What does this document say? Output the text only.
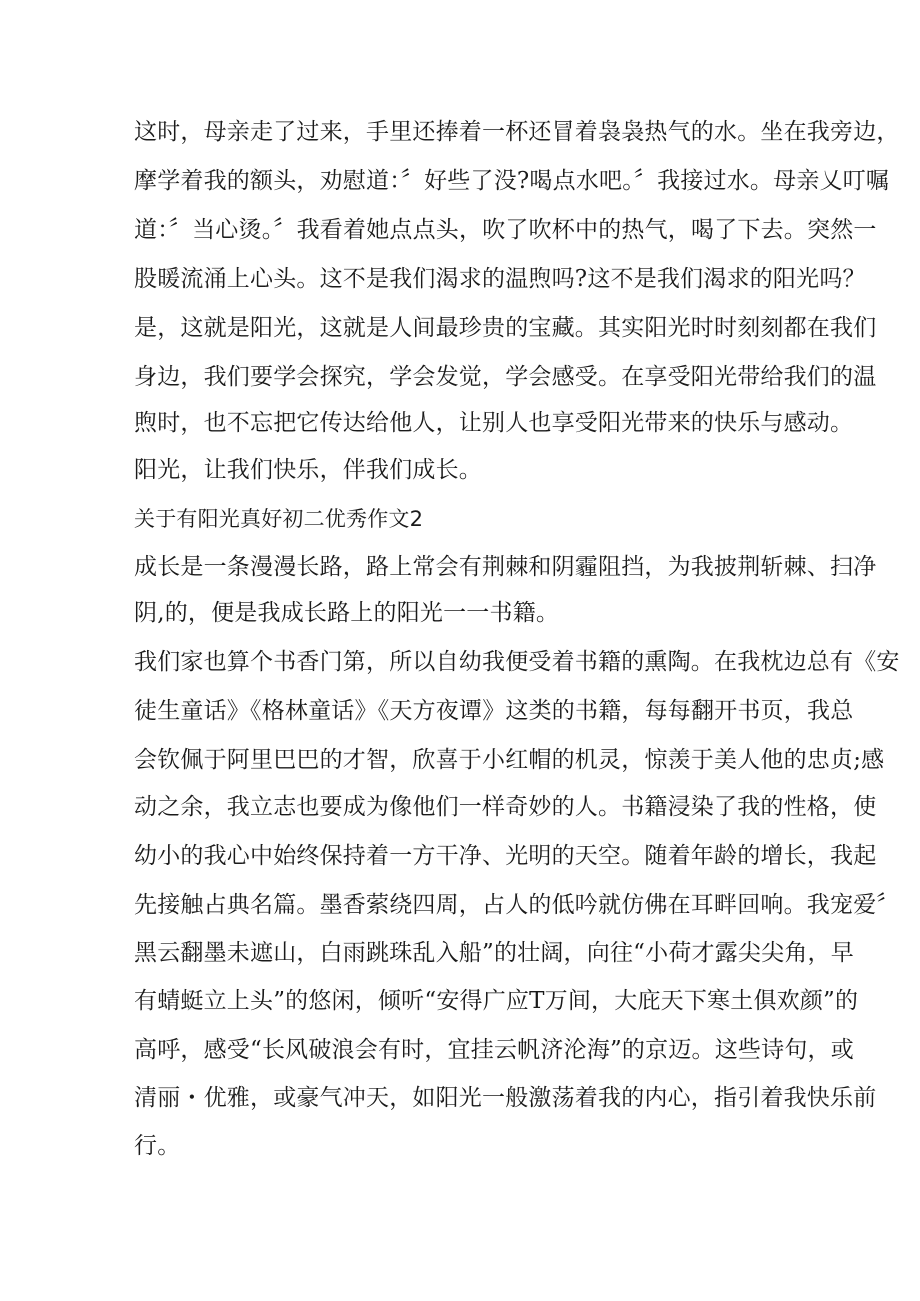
这时，母亲走了过来，手里还捧着一杯还冒着袅袅热气的水。坐在我旁边，
摩学着我的额头，劝慰道：〞好些了没?喝点水吧。〞我接过水。母亲乂叮嘱
道：〞当心烫。〞我看着她点点头，吹了吹杯中的热气，喝了下去。突然一
股暖流涌上心头。这不是我们渴求的温煦吗?这不是我们渴求的阳光吗？
是，这就是阳光，这就是人间最珍贵的宝藏。其实阳光时时刻刻都在我们
身边，我们要学会探究，学会发觉，学会感受。在享受阳光带给我们的温
煦时，也不忘把它传达给他人，让别人也享受阳光带来的快乐与感动。
阳光，让我们快乐，伴我们成长。
关于有阳光真好初二优秀作文2
成长是一条漫漫长路，路上常会有荆棘和阴霾阻挡，为我披荆斩棘、扫净
阴,的，便是我成长路上的阳光一一书籍。
我们家也算个书香门第，所以自幼我便受着书籍的熏陶。在我枕边总有《安
徒生童话》《格林童话》《天方夜谭》这类的书籍，每每翻开书页，我总
会钦佩于阿里巴巴的才智，欣喜于小红帽的机灵，惊羡于美人他的忠贞;感
动之余，我立志也要成为像他们一样奇妙的人。书籍浸染了我的性格，使
幼小的我心中始终保持着一方干净、光明的天空。随着年龄的增长，我起
先接触占典名篇。墨香萦绕四周，占人的低吟就仿佛在耳畔回响。我宠爱〞
黑云翻墨未遮山，白雨跳珠乱入船”的壮阔，向往“小荷才露尖尖角，早
有蜻蜓立上头”的悠闲，倾听“安得广应T万间，大庇天下寒土俱欢颜”的
高呼，感受“长风破浪会有时，宜挂云帆济沦海”的京迈。这些诗句，或
清丽・优雅，或豪气冲天，如阳光一般激荡着我的内心，指引着我快乐前
行。
